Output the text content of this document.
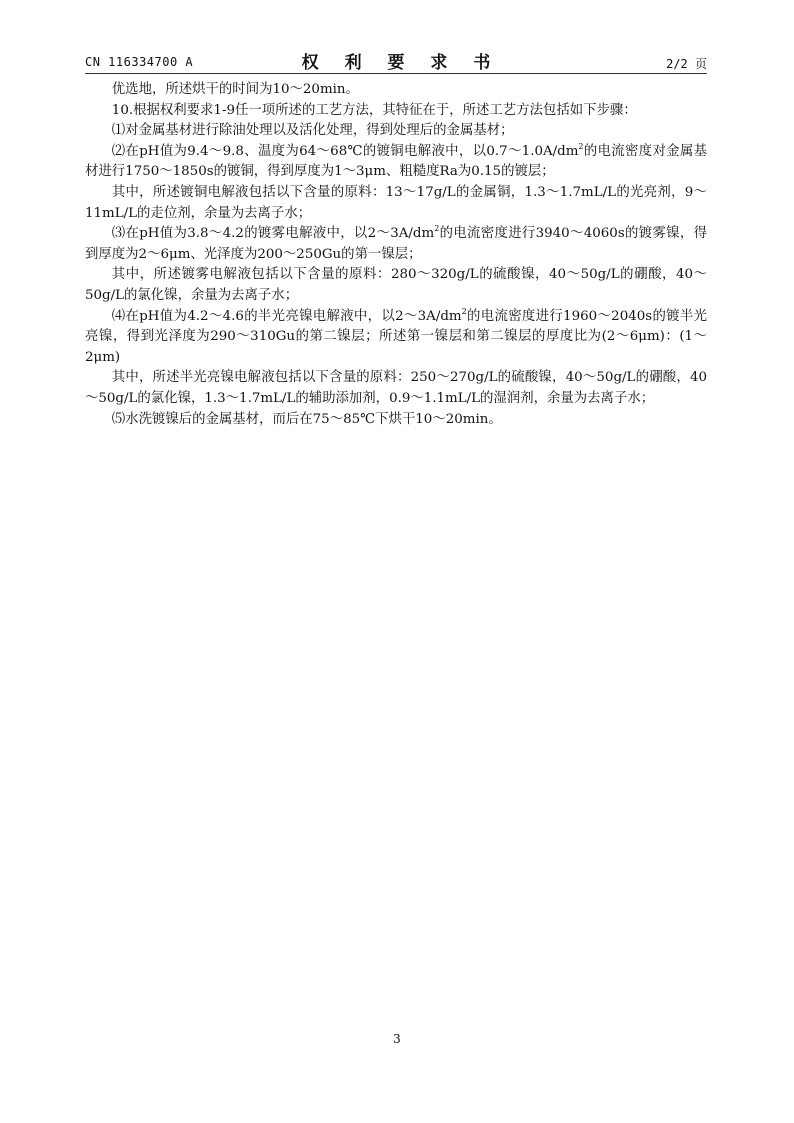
CN 116334700 A	权 利 要 求 书	2/2 页

优选地，所述烘干的时间为10～20min。

10.根据权利要求1-9任一项所述的工艺方法，其特征在于，所述工艺方法包括如下步骤：

⑴对金属基材进行除油处理以及活化处理，得到处理后的金属基材；

⑵在pH值为9.4～9.8、温度为64～68℃的镀铜电解液中，以$0.7\sim 1.0A/dm^2$的电流密度对金属基材进行1750～1850s的镀铜，得到厚度为1～3μm、粗糙度Ra为0.15的镀层；

其中，所述镀铜电解液包括以下含量的原料：13～17g/L的金属铜，1.3～1.7mL/L的光亮剂，9～11mL/L的走位剂，余量为去离子水；

⑶在pH值为3.8～4.2的镀雾电解液中，以$2\sim 3A/dm^2$的电流密度进行3940～4060s的镀雾镍，得到厚度为2～6μm、光泽度为200～250Gu的第一镍层；

其中，所述镀雾电解液包括以下含量的原料：280～320g/L的硫酸镍，40～50g/L的硼酸，40～50g/L的氯化镍，余量为去离子水；

⑷在pH值为4.2～4.6的半光亮镍电解液中，以$2\sim 3A/dm^2$的电流密度进行1960～2040s的镀半光亮镍，得到光泽度为290～310Gu的第二镍层；所述第一镍层和第二镍层的厚度比为(2～6μm)：(1～2μm)

其中，所述半光亮镍电解液包括以下含量的原料：250～270g/L的硫酸镍，40～50g/L的硼酸，40～50g/L的氯化镍，1.3～1.7mL/L的辅助添加剂，0.9～1.1mL/L的湿润剂，余量为去离子水；

⑸水洗镀镍后的金属基材，而后在75～85℃下烘干10～20min。

3
